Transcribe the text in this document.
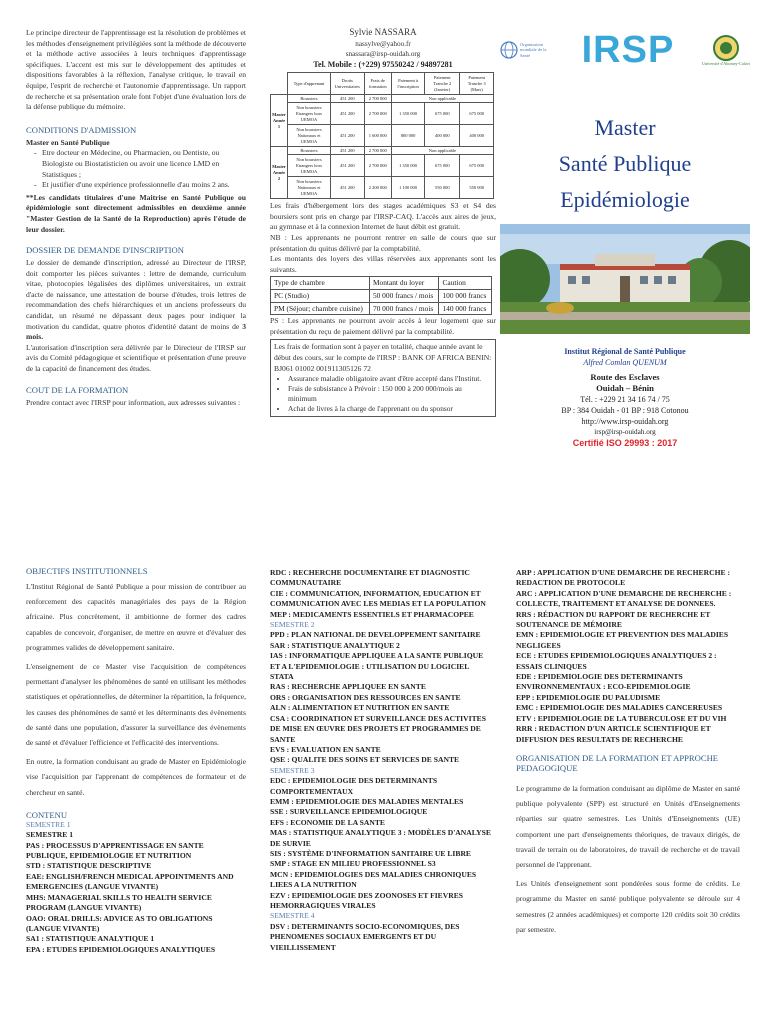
Le principe directeur de l'apprentissage est la résolution de problèmes et les méthodes d'enseignement privilégiées sont la méthode de découverte et la méthode active associées à leurs techniques d'apprentissage spécifiques. L'accent est mis sur le développement des aptitudes et dispositions favorables à la réflexion, l'analyse critique, le travail en équipe, l'esprit de recherche et l'autonomie d'apprentissage. Un rapport de recherche et sa présentation orale font l'objet d'une évaluation lors de la défense publique du mémoire.

CONDITIONS D'ADMISSION
Master en Santé Publique
- Etre docteur en Médecine, ou Pharmacien, ou Dentiste, ou Biologiste ou Biostatisticien ou avoir une licence LMD en Statistiques ;
- Et justifier d'une expérience professionnelle d'au moins 2 ans.

**Les candidats titulaires d'une Maitrise en Santé Publique ou épidémiologie sont directement admissibles en deuxième année "Master Gestion de la Santé de la Reproduction) après l'étude de leur dossier.

DOSSIER DE DEMANDE D'INSCRIPTION

Le dossier de demande d'inscription, adressé au Directeur de l'IRSP, doit comporter les pièces suivantes : lettre de demande, curriculum vitae, photocopies légalisées des diplômes universitaires, un extrait d'acte de naissance, une attestation de bourse d'études, trois lettres de recommandation des chefs hiérarchiques et un anciens professeurs du candidat, un résumé ne dépassant deux pages pour indiquer la motivation du candidat, quatre photos d'identité datant de moins de 3 mois.
L'autorisation d'inscription sera délivrée par le Directeur de l'IRSP sur avis du Comité pédagogique et scientifique et présentation d'une preuve de la capacité de financement des études.

COUT DE LA FORMATION

Prendre contact avec l'IRSP pour information, aux adresses suivantes :

Sylvie NASSARA
nassylve@yahoo.fr
snassara@irsp-ouidah.org
Tel. Mobile : (+229) 97550242 / 94897281
	Type d'apprenant	Droits Universitaires	Frais de formation	Paiement à l'inscription	Paiement Tranche 2 (Janvier)	Paiement Tranche 3 (Mars)
Master Année 1	Boursiers	451 200	2 700 000	Non applicable		
	Non boursiers Etrangers hors UEMOA	451 200	2 700 000	1 350 000	675 000	675 000
	Non boursiers Nationaux et UEMOA	451 200	1 600 000	800 000	400 000	400 000
Master Année 2	Boursiers	451 200	2 700 000	Non applicable		
	Non boursiers Etrangers hors UEMOA	451 200	2 700 000	1 350 000	675 000	675 000
	Non boursiers Nationaux et UEMOA	451 200	2 200 000	1 100 000	550 000	550 000

Les frais d'hébergement lors des stages académiques S3 et S4 des boursiers sont pris en charge par l'IRSP-CAQ. L'accès aux aires de jeux, au gymnase et à la connexion Internet de haut débit est gratuit.

NB : Les apprenants ne pourront rentrer en salle de cours que sur présentation du quitus délivré par la comptabilité.

Les montants des loyers des villas réservées aux apprenants sont les suivants.

Type de chambre	Montant du loyer	Caution
PC (Studio)	50 000 francs / mois	100 000 francs
PM (Séjour; chambre cuisine)	70 000 francs / mois	140 000 francs

PS : Les apprenants ne pourront avoir accès à leur logement que sur présentation du reçu de paiement délivré par la comptabilité.

Les frais de formation sont à payer en totalité, chaque année avant le début des cours, sur le compte de l'IRSP : BANK OF AFRICA BENIN: BJ061 01002 001911305126 72

• Assurance maladie obligatoire avant d'être accepté dans l'Institut.
• Frais de subsistance à Prévoir : 150 000 à 200 000/mois au minimum
• Achat de livres à la charge de l'apprenant ou du sponsor
Organisation mondiale de la Santé	IRSP	Université d'Abomey-Calavi

Master

Santé Publique

Epidémiologie

Institut Régional de Santé Publique
Alfred Comlan QUENUM
Route des Esclaves
Ouidah – Bénin
Tél. : +229 21 34 16 74 / 75
BP : 384 Ouidah - 01 BP : 918 Cotonou
http://www.irsp-ouidah.org
irsp@irsp-ouidah.org
Certifié ISO 29993 : 2017
OBJECTIFS INSTITUTIONNELS

L'Institut Régional de Santé Publique a pour mission de contribuer au renforcement des capacités managériales des pays de la Région africaine. Plus concrètement, il ambitionne de former des cadres capables de concevoir, d'organiser, de mettre en œuvre et d'évaluer des programmes valides de développement sanitaire.

L'enseignement de ce Master vise l'acquisition de compétences permettant d'analyser les phénomènes de santé en utilisant les méthodes statistiques et opérationnelles, de déterminer la répartition, la fréquence, les causes des phénomènes de santé et les déterminants des évènements de santé dans une population, d'assurer la surveillance des évènements de santé et d'évaluer l'efficience et l'efficacité des interventions.

En outre, la formation conduisant au grade de Master en Epidémiologie vise l'acquisition par l'apprenant de compétences de formateur et de chercheur en santé.

CONTENU
SEMESTRE 1
SEMESTRE 1

PAS : PROCESSUS D'APPRENTISSAGE EN SANTE PUBLIQUE, EPIDEMIOLOGIE ET NUTRITION

STD : STATISTIQUE DESCRIPTIVE

EAE: ENGLISH/FRENCH MEDICAL APPOINTMENTS AND EMERGENCIES (LANGUE VIVANTE)

MHS: MANAGERIAL SKILLS TO HEALTH SERVICE PROGRAM (LANGUE VIVANTE)

OAO: ORAL DRILLS: ADVICE AS TO OBLIGATIONS (LANGUE VIVANTE)

SA1 : STATISTIQUE ANALYTIQUE 1

EPA : ETUDES EPIDEMIOLOGIQUES ANALYTIQUES

RDC : RECHERCHE DOCUMENTAIRE ET DIAGNOSTIC COMMUNAUTAIRE

CIE : COMMUNICATION, INFORMATION, EDUCATION ET COMMUNICATION AVEC LES MEDIAS ET LA POPULATION

MEP : MEDICAMENTS ESSENTIELS ET PHARMACOPEE

SEMESTRE 2

PPD : PLAN NATIONAL DE DEVELOPPEMENT SANITAIRE

SAR : STATISTIQUE ANALYTIQUE 2

IAS : INFORMATIQUE APPLIQUEE A LA SANTE PUBLIQUE ET A L'EPIDEMIOLOGIE : UTILISATION DU LOGICIEL STATA

RAS : RECHERCHE APPLIQUEE EN SANTE

ORS : ORGANISATION DES RESSOURCES EN SANTE

ALN : ALIMENTATION ET NUTRITION EN SANTE

CSA : COORDINATION ET SURVEILLANCE DES ACTIVITES DE MISE EN ŒUVRE DES PROJETS ET PROGRAMMES DE SANTE

EVS : EVALUATION EN SANTE

QSE : QUALITE DES SOINS ET SERVICES DE SANTE

SEMESTRE 3

EDC : EPIDEMIOLOGIE DES DETERMINANTS COMPORTEMENTAUX

EMM : EPIDEMIOLOGIE DES MALADIES MENTALES

SSE : SURVEILLANCE EPIDEMIOLOGIQUE

EFS : ECONOMIE DE LA SANTE

MAS : STATISTIQUE ANALYTIQUE 3 : MODÈLES D'ANALYSE DE SURVIE

SIS : SYSTÈME D'INFORMATION SANITAIRE UE LIBRE

SMP : STAGE EN MILIEU PROFESSIONNEL S3

MCN : EPIDEMIOLOGIES DES MALADIES CHRONIQUES LIEES A LA NUTRITION

EZV : EPIDEMIOLOGIE DES ZOONOSES ET FIEVRES HEMORRAGIQUES VIRALES

SEMESTRE 4

DSV : DETERMINANTS SOCIO-ECONOMIQUES, DES PHENOMENES SOCIAUX EMERGENTS ET DU VIEILLISSEMENT

ARP : APPLICATION D'UNE DEMARCHE DE RECHERCHE : REDACTION DE PROTOCOLE

ARC : APPLICATION D'UNE DEMARCHE DE RECHERCHE : COLLECTE, TRAITEMENT ET ANALYSE DE DONNEES.

RRS : RÉDACTION DU RAPPORT DE RECHERCHE ET SOUTENANCE DE MÉMOIRE

EMN : EPIDEMIOLOGIE ET PREVENTION DES MALADIES NEGLIGEES

ECE : ETUDES EPIDEMIOLOGIQUES ANALYTIQUES 2 : ESSAIS CLINIQUES

EDE : EPIDEMIOLOGIE DES DETERMINANTS ENVIRONNEMENTAUX : ECO-EPIDEMIOLOGIE

EPP : EPIDEMIOLOGIE DU PALUDISME

EMC : EPIDEMIOLOGIE DES MALADIES CANCEREUSES

ETV : EPIDEMIOLOGIE DE LA TUBERCULOSE ET DU VIH

RRR : REDACTION D'UN ARTICLE SCIENTIFIQUE ET DIFFUSION DES RESULTATS DE RECHERCHE

ORGANISATION DE LA FORMATION ET APPROCHE PEDAGOGIQUE

Le programme de la formation conduisant au diplôme de Master en santé publique polyvalente (SPP) est structuré en Unités d'Enseignements réparties sur quatre semestres. Les Unités d'Enseignements (UE) comportent une part d'enseignements théoriques, de travaux dirigés, de travail de terrain ou de laboratoires, de travail de recherche et de travail personnel de l'apprenant.

Les Unités d'enseignement sont pondérées sous forme de crédits. Le programme du Master en santé publique polyvalente se déroule sur 4 semestres (2 années académiques) et comporte 120 crédits soit 30 crédits par semestre.
